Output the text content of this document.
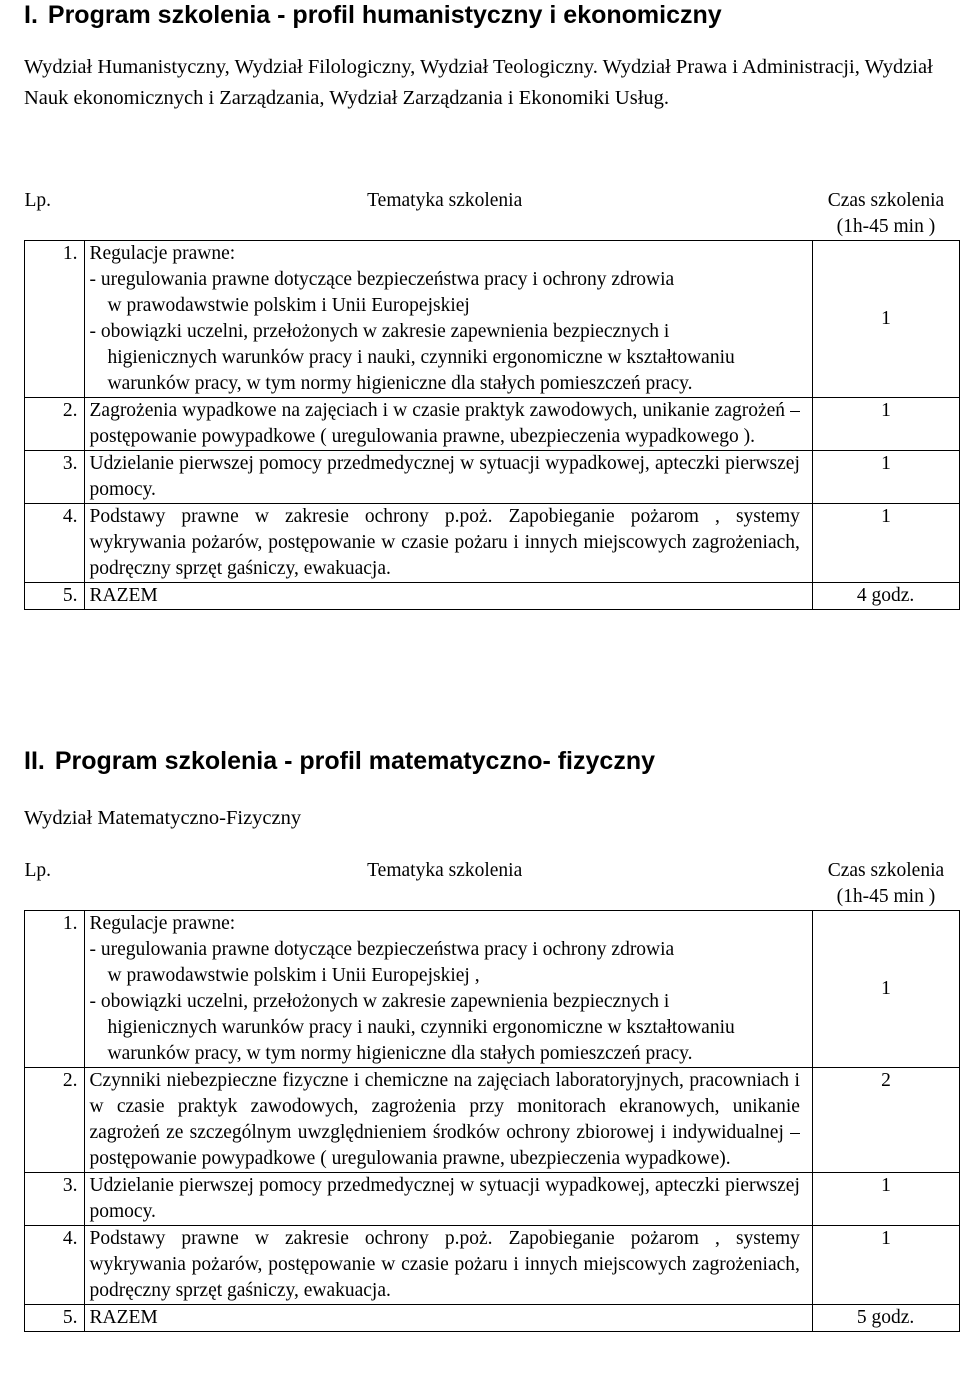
I. Program szkolenia - profil humanistyczny i ekonomiczny
Wydział Humanistyczny, Wydział Filologiczny, Wydział Teologiczny. Wydział Prawa i Administracji, Wydział Nauk ekonomicznych i Zarządzania, Wydział Zarządzania i Ekonomiki Usług.
Lp.	Tematyka szkolenia	Czas szkolenia
(1h-45 min )

1.	Regulacje prawne:
- uregulowania prawne dotyczące bezpieczeństwa pracy i ochrony zdrowia
w prawodawstwie polskim i Unii Europejskiej
- obowiązki uczelni, przełożonych w zakresie zapewnienia bezpiecznych i
higienicznych warunków pracy i nauki, czynniki ergonomiczne w kształtowaniu warunków pracy, w tym normy higieniczne dla stałych pomieszczeń pracy.	1
2.	Zagrożenia wypadkowe na zajęciach i w czasie praktyk zawodowych, unikanie zagrożeń – postępowanie powypadkowe ( uregulowania prawne, ubezpieczenia wypadkowego ).	1
3.	Udzielanie pierwszej pomocy przedmedycznej w sytuacji wypadkowej, apteczki pierwszej pomocy.	1
4.	Podstawy prawne w zakresie ochrony p.poż. Zapobieganie pożarom , systemy wykrywania pożarów, postępowanie w czasie pożaru i innych miejscowych zagrożeniach, podręczny sprzęt gaśniczy, ewakuacja.	1
5.	RAZEM	4 godz.
II. Program szkolenia - profil matematyczno- fizyczny
Wydział Matematyczno-Fizyczny
Lp.	Tematyka szkolenia	Czas szkolenia
(1h-45 min )

1.	Regulacje prawne:
- uregulowania prawne dotyczące bezpieczeństwa pracy i ochrony zdrowia
w prawodawstwie polskim i Unii Europejskiej ,
- obowiązki uczelni, przełożonych w zakresie zapewnienia bezpiecznych i
higienicznych warunków pracy i nauki, czynniki ergonomiczne w kształtowaniu warunków pracy, w tym normy higieniczne dla stałych pomieszczeń pracy.	1
2.	Czynniki niebezpieczne fizyczne i chemiczne na zajęciach laboratoryjnych, pracowniach i w czasie praktyk zawodowych, zagrożenia przy monitorach ekranowych, unikanie zagrożeń ze szczególnym uwzględnieniem środków ochrony zbiorowej i indywidualnej – postępowanie powypadkowe ( uregulowania prawne, ubezpieczenia wypadkowe).	2
3.	Udzielanie pierwszej pomocy przedmedycznej w sytuacji wypadkowej, apteczki pierwszej pomocy.	1
4.	Podstawy prawne w zakresie ochrony p.poż. Zapobieganie pożarom , systemy wykrywania pożarów, postępowanie w czasie pożaru i innych miejscowych zagrożeniach, podręczny sprzęt gaśniczy, ewakuacja.	1
5.	RAZEM	5 godz.
